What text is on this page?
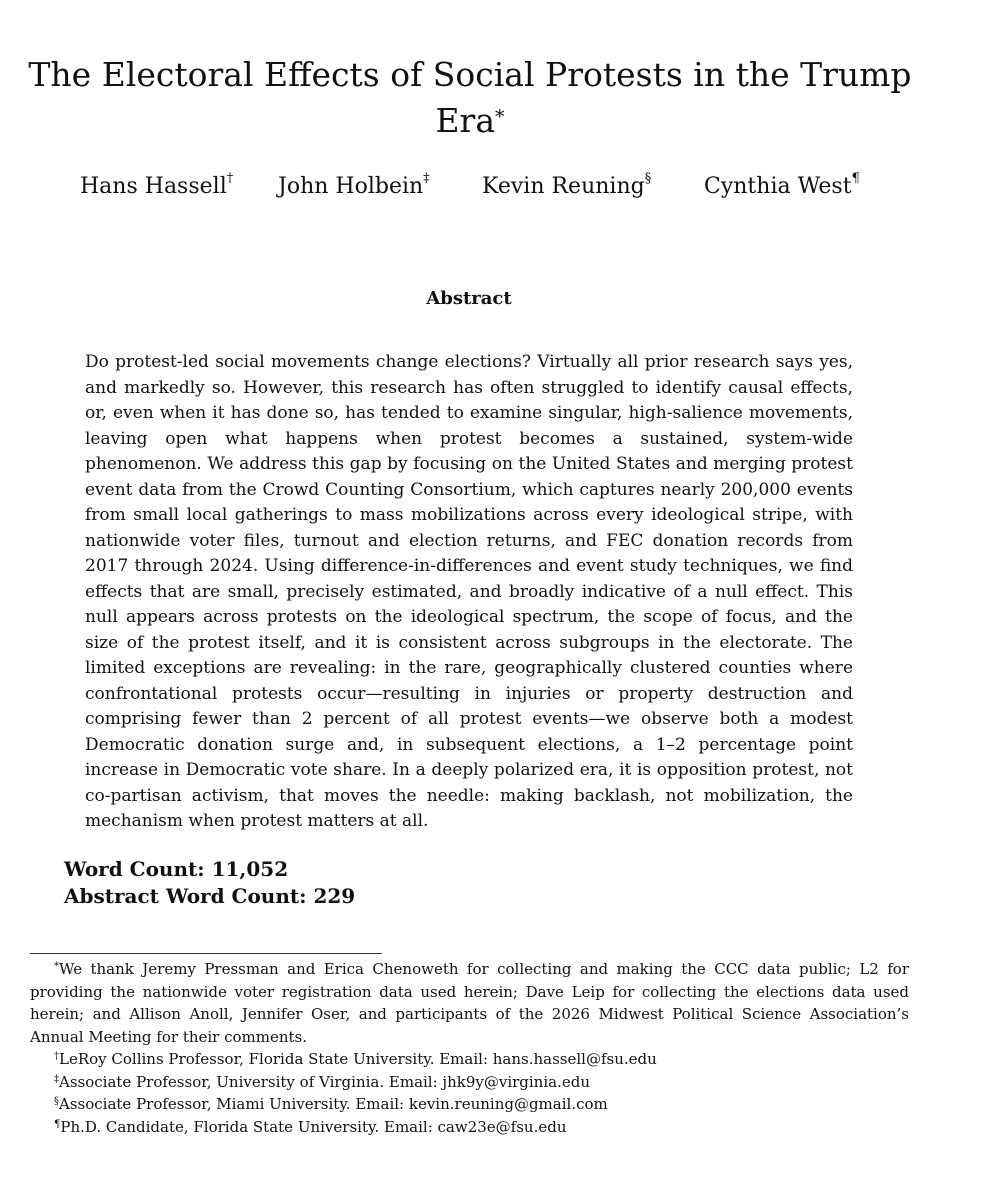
The Electoral Effects of Social Protests in the Trump Era*
Hans Hassell† John Holbein‡ Kevin Reuning§ Cynthia West¶
Abstract

Do protest-led social movements change elections? Virtually all prior research says yes, and markedly so. However, this research has often struggled to identify causal effects, or, even when it has done so, has tended to examine singular, high-salience movements, leaving open what happens when protest becomes a sustained, system-wide phenomenon. We address this gap by focusing on the United States and merging protest event data from the Crowd Counting Consortium, which captures nearly 200,000 events from small local gatherings to mass mobilizations across every ideological stripe, with nationwide voter files, turnout and election returns, and FEC donation records from 2017 through 2024. Using difference-in-differences and event study techniques, we find effects that are small, precisely estimated, and broadly indicative of a null effect. This null appears across protests on the ideological spectrum, the scope of focus, and the size of the protest itself, and it is consistent across subgroups in the electorate. The limited exceptions are revealing: in the rare, geographically clustered counties where confrontational protests occur—resulting in injuries or property destruction and comprising fewer than 2 percent of all protest events—we observe both a modest Democratic donation surge and, in subsequent elections, a 1–2 percentage point increase in Democratic vote share. In a deeply polarized era, it is opposition protest, not co-partisan activism, that moves the needle: making backlash, not mobilization, the mechanism when protest matters at all.

Word Count: 11,052
Abstract Word Count: 229

*We thank Jeremy Pressman and Erica Chenoweth for collecting and making the CCC data public; L2 for providing the nationwide voter registration data used herein; Dave Leip for collecting the elections data used herein; and Allison Anoll, Jennifer Oser, and participants of the 2026 Midwest Political Science Association’s Annual Meeting for their comments.

†LeRoy Collins Professor, Florida State University. Email: hans.hassell@fsu.edu
‡Associate Professor, University of Virginia. Email: jhk9y@virginia.edu
§Associate Professor, Miami University. Email: kevin.reuning@gmail.com
¶Ph.D. Candidate, Florida State University. Email: caw23e@fsu.edu
